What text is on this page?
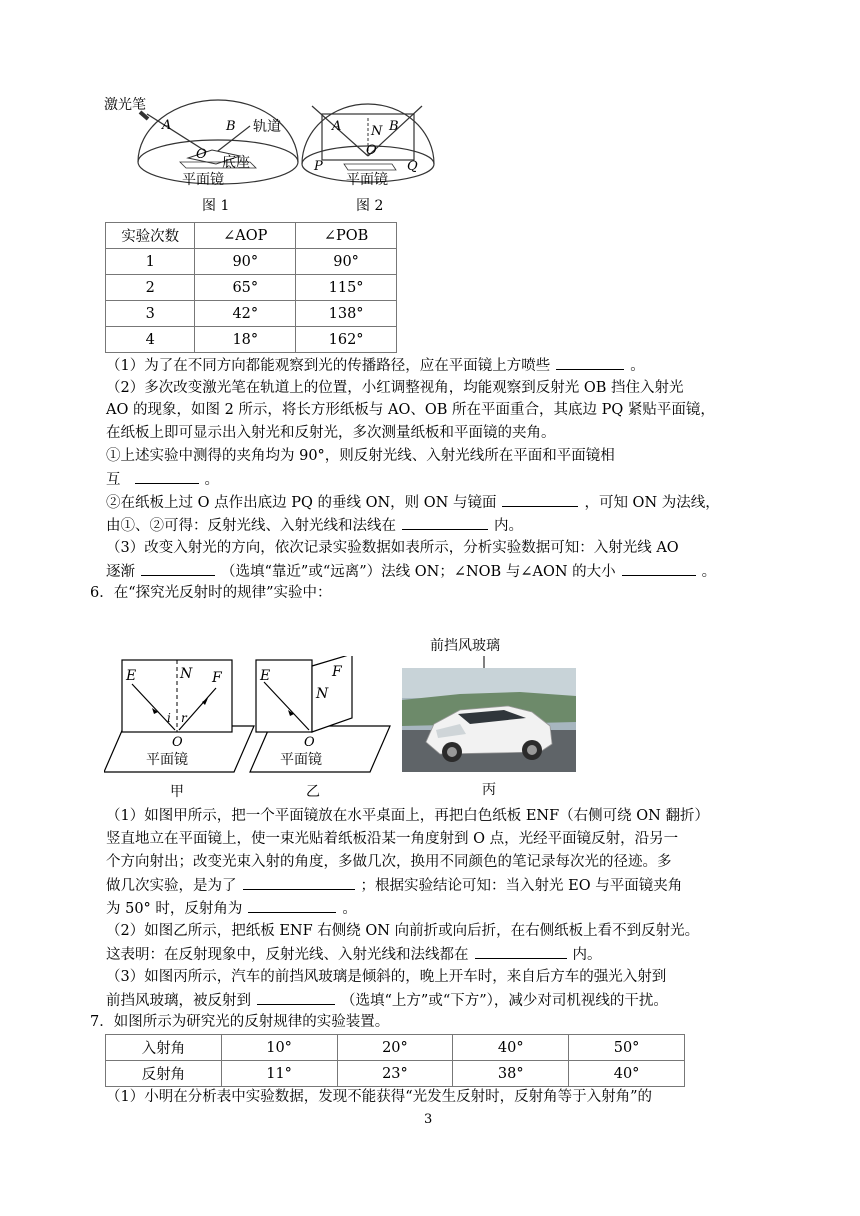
激光笔
A	B
O
轨道
底座
平面镜
图 1
A N B
O
P	Q
平面镜
图 2
实验次数	∠AOP	∠POB
1	90°	90°
2	65°	115°
3	42°	138°
4	18°	162°
（1）为了在不同方向都能观察到光的传播路径，应在平面镜上方喷些	。
（2）多次改变激光笔在轨道上的位置，小红调整视角，均能观察到反射光 OB 挡住入射光
AO 的现象，如图 2 所示，将长方形纸板与 AO、OB 所在平面重合，其底边 PQ 紧贴平面镜，
在纸板上即可显示出入射光和反射光，多次测量纸板和平面镜的夹角。
①上述实验中测得的夹角均为 90°，则反射光线、入射光线所在平面和平面镜相
互	。
②在纸板上过 O 点作出底边 PQ 的垂线 ON，则 ON 与镜面	，可知 ON 为法线，
由①、②可得：反射光线、入射光线和法线在	内。
（3）改变入射光的方向，依次记录实验数据如表所示，分析实验数据可知：入射光线 AO
逐渐	（选填“靠近”或“远离”）法线 ON；∠NOB 与∠AON 的大小	。
6．在“探究光反射时的规律”实验中：
E	N F
i r
O
平面镜
甲
E
N
F
O
平面镜
乙
前挡风玻璃
丙
（1）如图甲所示，把一个平面镜放在水平桌面上，再把白色纸板 ENF（右侧可绕 ON 翻折）
竖直地立在平面镜上，使一束光贴着纸板沿某一角度射到 O 点，光经平面镜反射，沿另一
个方向射出；改变光束入射的角度，多做几次，换用不同颜色的笔记录每次光的径迹。多
做几次实验，是为了	；根据实验结论可知：当入射光 EO 与平面镜夹角
为 50° 时，反射角为	。
（2）如图乙所示，把纸板 ENF 右侧绕 ON 向前折或向后折，在右侧纸板上看不到反射光。
这表明：在反射现象中，反射光线、入射光线和法线都在	内。
（3）如图丙所示，汽车的前挡风玻璃是倾斜的，晚上开车时，来自后方车的强光入射到
前挡风玻璃，被反射到	（选填“上方”或“下方”），减少对司机视线的干扰。
7．如图所示为研究光的反射规律的实验装置。
入射角	10°	20°	40°	50°
反射角	11°	23°	38°	40°
（1）小明在分析表中实验数据，发现不能获得“光发生反射时，反射角等于入射角”的
3
